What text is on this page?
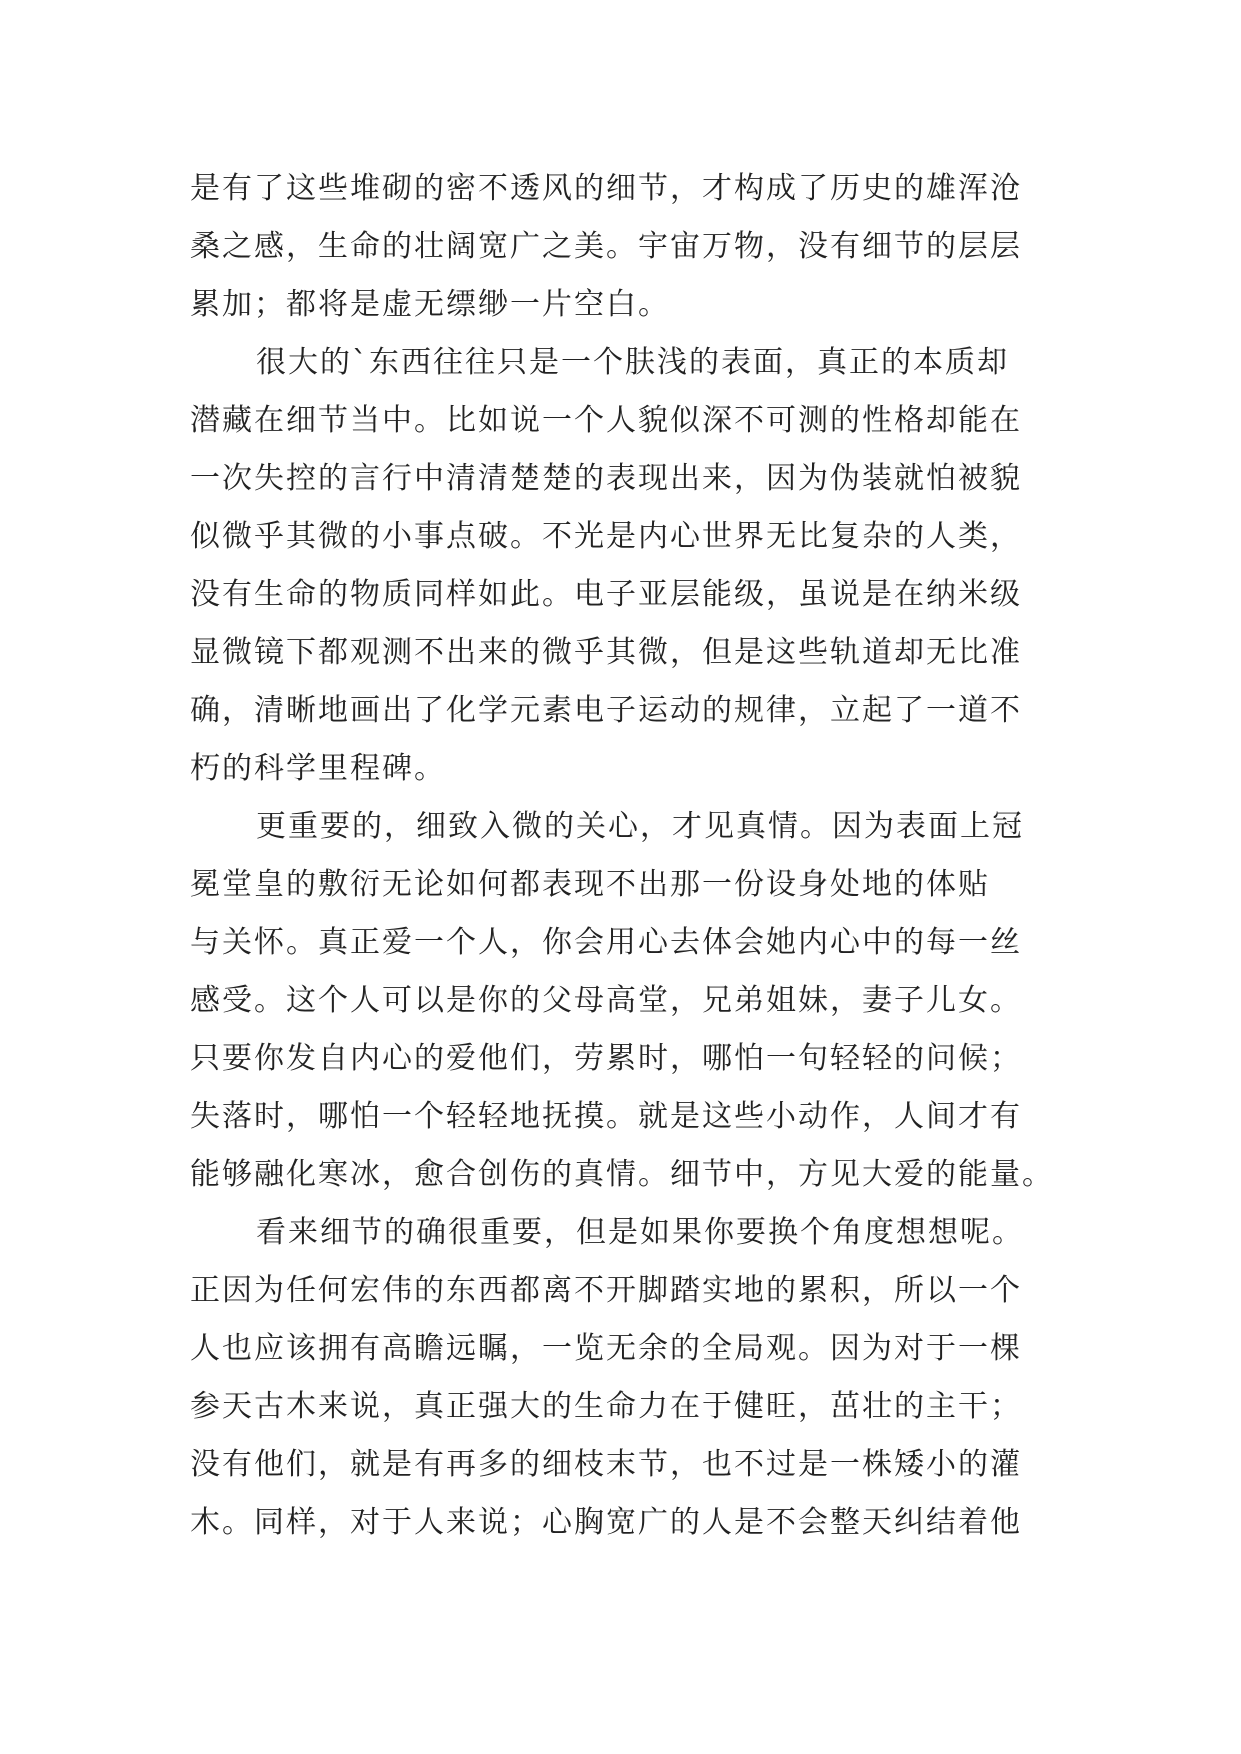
是有了这些堆砌的密不透风的细节，才构成了历史的雄浑沧
桑之感，生命的壮阔宽广之美。宇宙万物，没有细节的层层
累加；都将是虚无缥缈一片空白。
很大的`东西往往只是一个肤浅的表面，真正的本质却
潜藏在细节当中。比如说一个人貌似深不可测的性格却能在
一次失控的言行中清清楚楚的表现出来，因为伪装就怕被貌
似微乎其微的小事点破。不光是内心世界无比复杂的人类，
没有生命的物质同样如此。电子亚层能级，虽说是在纳米级
显微镜下都观测不出来的微乎其微，但是这些轨道却无比准
确，清晰地画出了化学元素电子运动的规律，立起了一道不
朽的科学里程碑。
更重要的，细致入微的关心，才见真情。因为表面上冠
冕堂皇的敷衍无论如何都表现不出那一份设身处地的体贴
与关怀。真正爱一个人，你会用心去体会她内心中的每一丝
感受。这个人可以是你的父母高堂，兄弟姐妹，妻子儿女。
只要你发自内心的爱他们，劳累时，哪怕一句轻轻的问候；
失落时，哪怕一个轻轻地抚摸。就是这些小动作，人间才有
能够融化寒冰，愈合创伤的真情。细节中，方见大爱的能量。
看来细节的确很重要，但是如果你要换个角度想想呢。
正因为任何宏伟的东西都离不开脚踏实地的累积，所以一个
人也应该拥有高瞻远瞩，一览无余的全局观。因为对于一棵
参天古木来说，真正强大的生命力在于健旺，茁壮的主干；
没有他们，就是有再多的细枝末节，也不过是一株矮小的灌
木。同样，对于人来说；心胸宽广的人是不会整天纠结着他
